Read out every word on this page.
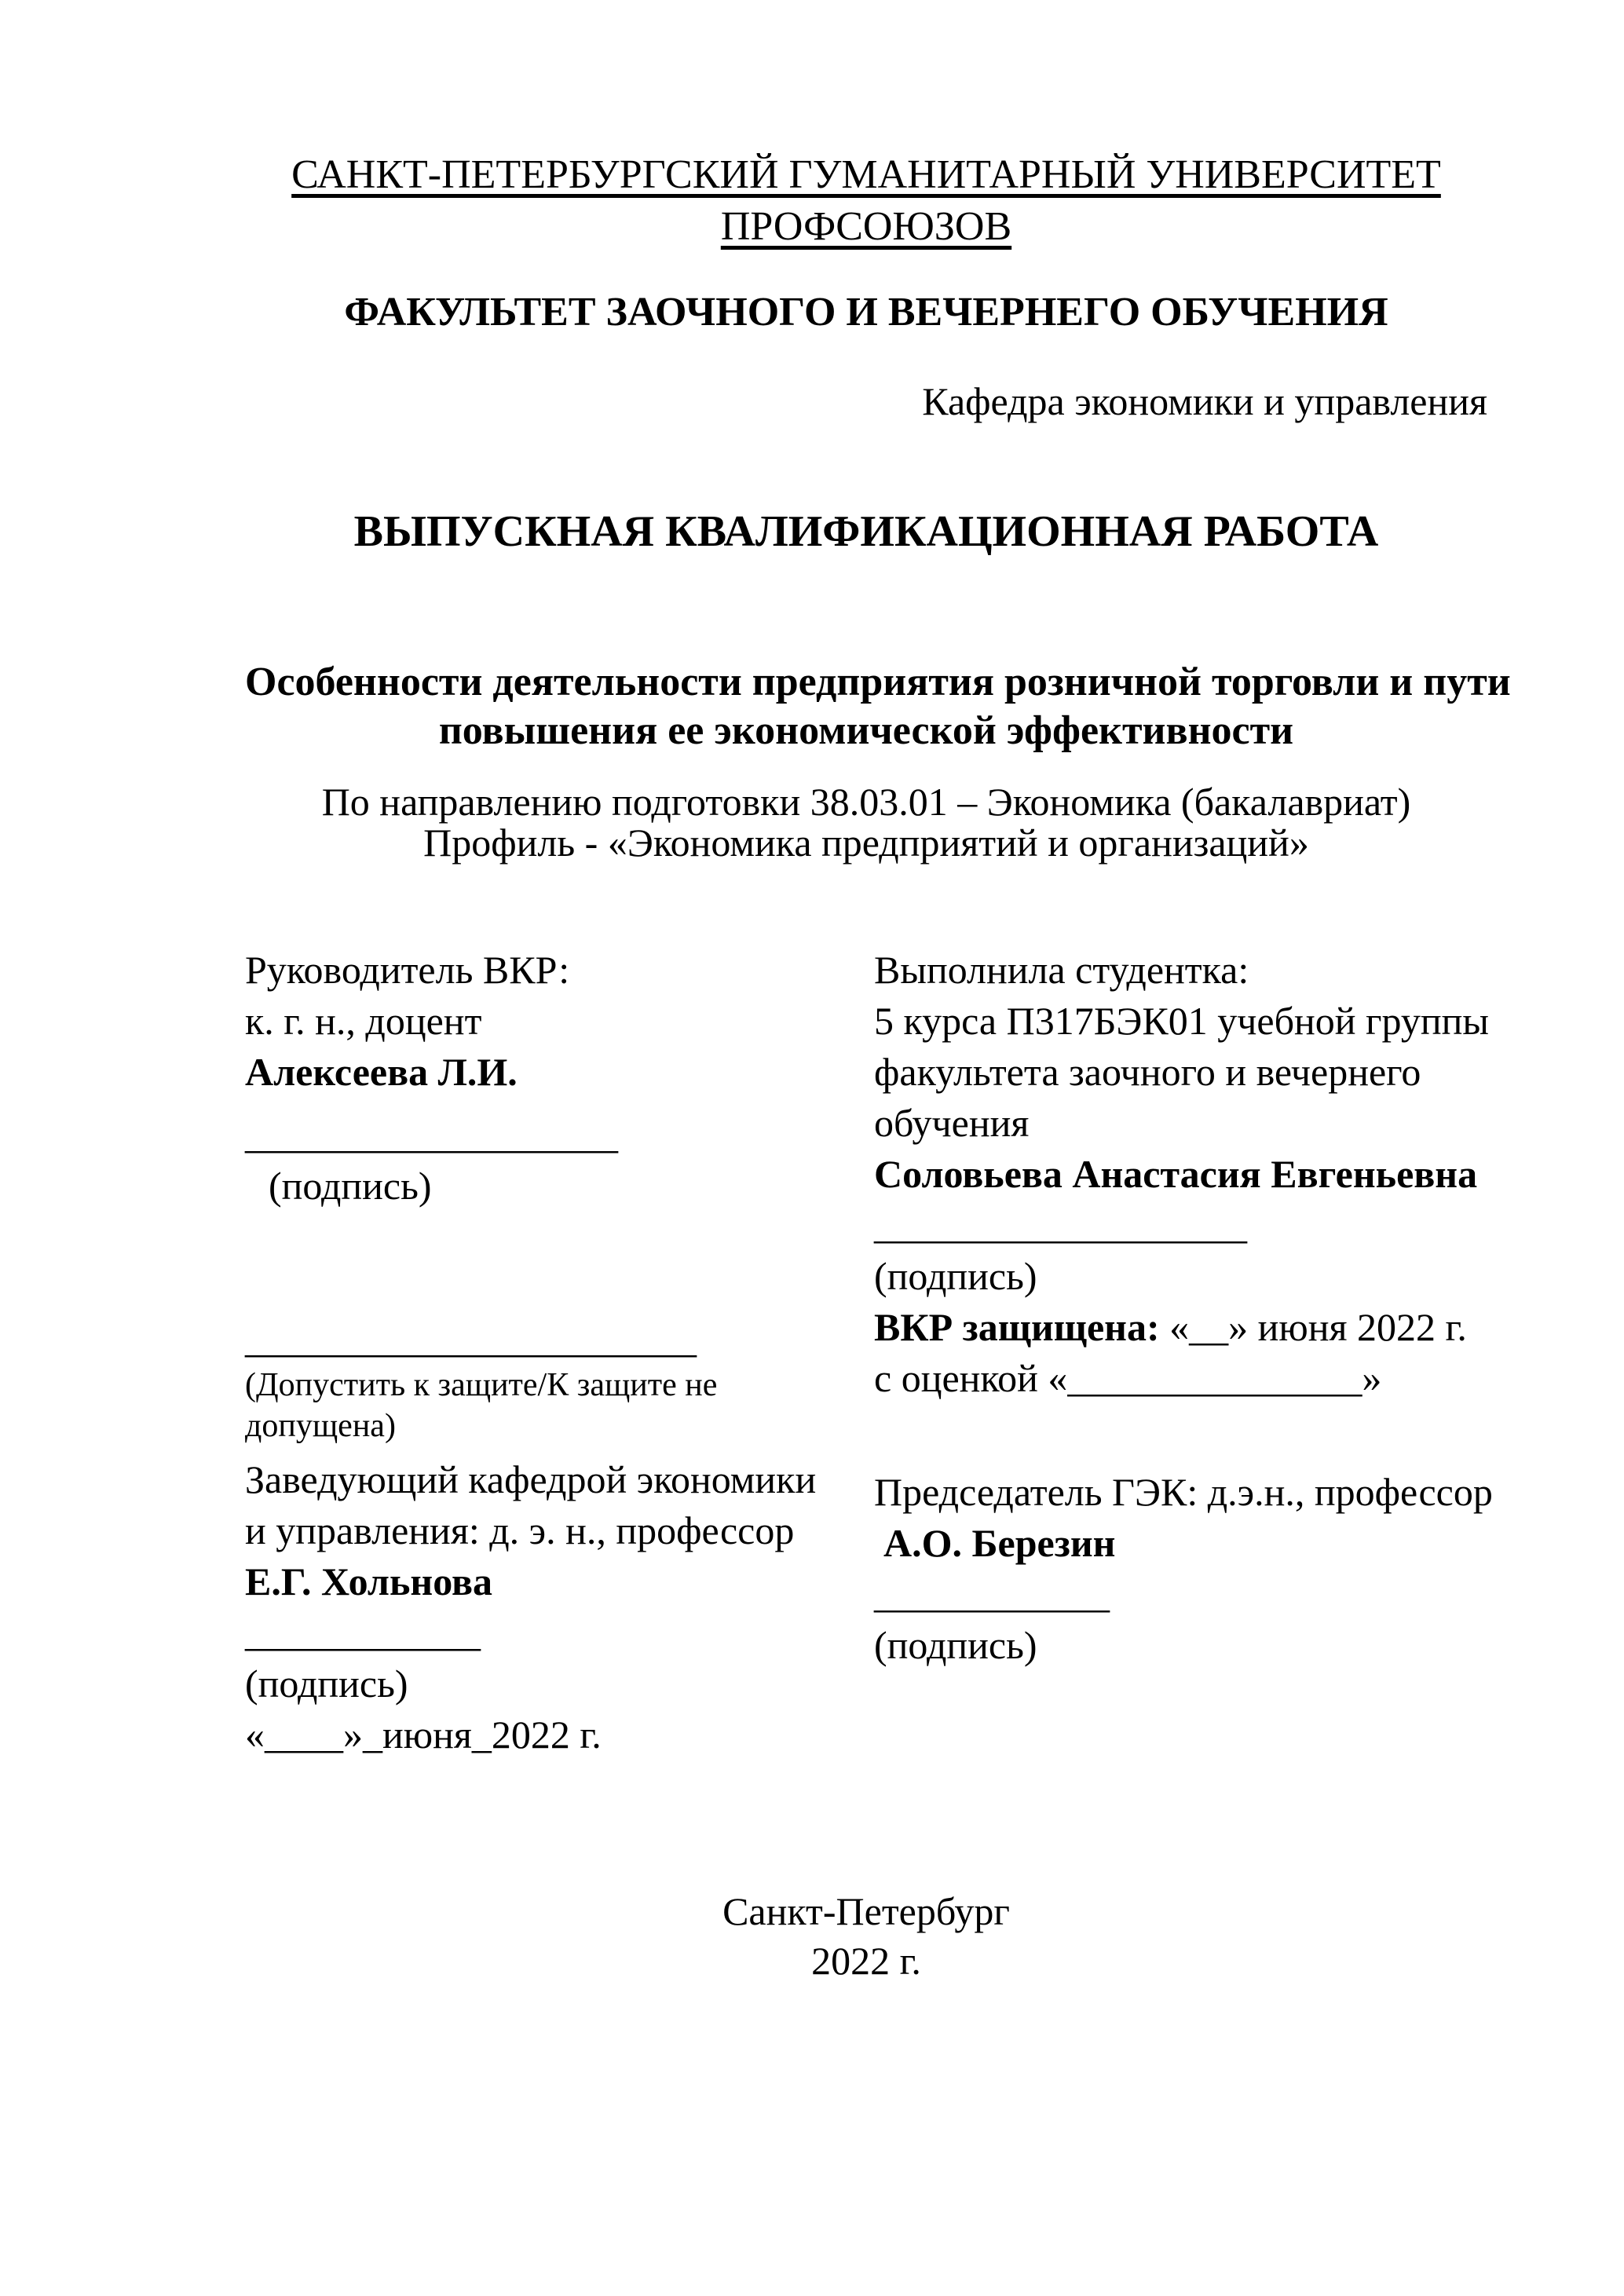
САНКТ-ПЕТЕРБУРГСКИЙ ГУМАНИТАРНЫЙ УНИВЕРСИТЕТ
ПРОФСОЮЗОВ
ФАКУЛЬТЕТ ЗАОЧНОГО И ВЕЧЕРНЕГО ОБУЧЕНИЯ
Кафедра экономики и управления
ВЫПУСКНАЯ КВАЛИФИКАЦИОННАЯ РАБОТА
Особенности деятельности предприятия розничной торговли и пути
повышения ее экономической эффективности
По направлению подготовки 38.03.01 – Экономика (бакалавриат)
Профиль - «Экономика предприятий и организаций»
Руководитель ВКР:
к. г. н., доцент
Алексеева Л.И.
___________________
(подпись)
_______________________
(Допустить к защите/К защите не
допущена)
Заведующий кафедрой экономики
и управления: д. э. н., профессор
Е.Г. Хольнова
____________
(подпись)
«____»_июня_2022 г.
Выполнила студентка:
5 курса П317БЭК01 учебной группы
факультета заочного и вечернего
обучения
Соловьева Анастасия Евгеньевна
___________________
(подпись)
ВКР защищена: «__» июня 2022 г.
с оценкой «_______________»
Председатель ГЭК: д.э.н., профессор
А.О. Березин
____________
(подпись)
Санкт-Петербург
2022 г.
